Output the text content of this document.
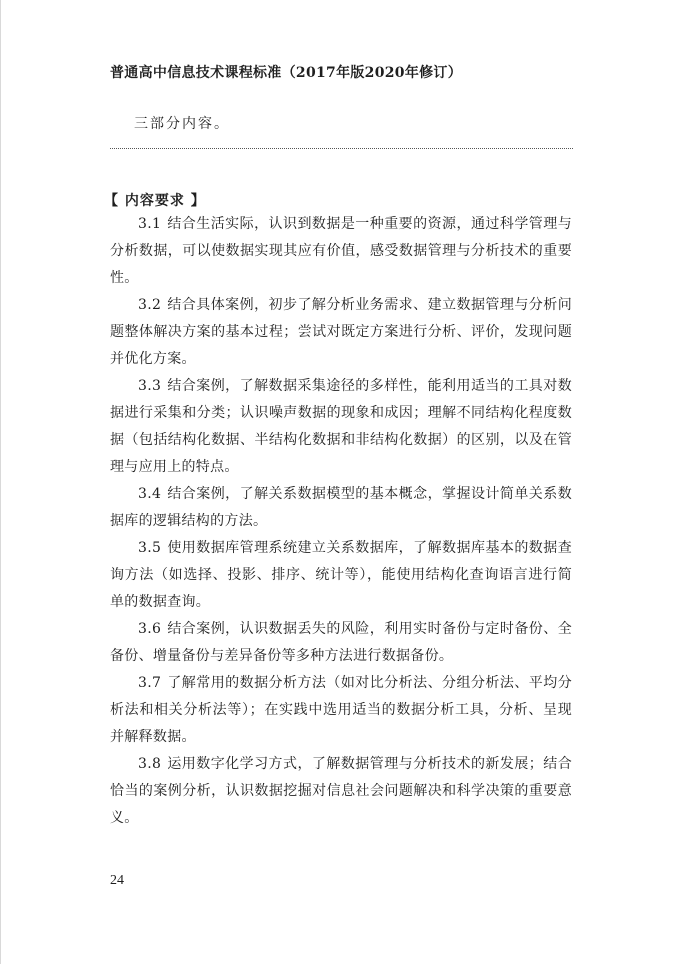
普通高中信息技术课程标准（2017年版2020年修订）
三部分内容。
【 内容要求 】

3.1 结合生活实际，认识到数据是一种重要的资源，通过科学管理与分析数据，可以使数据实现其应有价值，感受数据管理与分析技术的重要性。

3.2 结合具体案例，初步了解分析业务需求、建立数据管理与分析问题整体解决方案的基本过程；尝试对既定方案进行分析、评价，发现问题并优化方案。

3.3 结合案例，了解数据采集途径的多样性，能利用适当的工具对数据进行采集和分类；认识噪声数据的现象和成因；理解不同结构化程度数据（包括结构化数据、半结构化数据和非结构化数据）的区别，以及在管理与应用上的特点。

3.4 结合案例，了解关系数据模型的基本概念，掌握设计简单关系数据库的逻辑结构的方法。

3.5 使用数据库管理系统建立关系数据库，了解数据库基本的数据查询方法（如选择、投影、排序、统计等），能使用结构化查询语言进行简单的数据查询。

3.6 结合案例，认识数据丢失的风险，利用实时备份与定时备份、全备份、增量备份与差异备份等多种方法进行数据备份。

3.7 了解常用的数据分析方法（如对比分析法、分组分析法、平均分析法和相关分析法等）；在实践中选用适当的数据分析工具，分析、呈现并解释数据。

3.8 运用数字化学习方式，了解数据管理与分析技术的新发展；结合恰当的案例分析，认识数据挖掘对信息社会问题解决和科学决策的重要意义。

24
